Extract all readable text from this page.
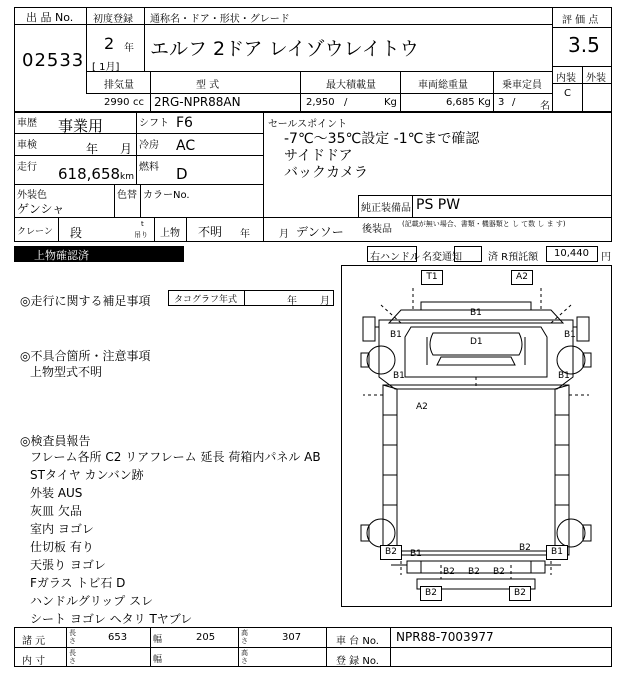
出 品 No.
02533
初度登録
2 年
[ 1月]
通称名・ドア・形状・グレード
エルフ 2ドア レイゾウレイトウ
評 価 点
3.5
内装 外装
C
排気量	型 式	最大積載量	車両総重量	乗車定員
2990 cc 2RG-NPR88AN	2,950 /	Kg	6,685 Kg 3 / 名
車歴 事業用	シフト F6
車検	年 月 冷房 AC
走行 618,658 km
燃料 D
外装色
ゲンシャ
色替 カラーNo.
セールスポイント
-7℃～35℃設定 -1℃まで確認
サイドドア
バックカメラ
純正装備品 PS PW
後装品 (記載が無い場合、書類・機器類と し て数 し ま す)
クレーン 段
t
吊り 上物 不明 年	月 デンソー
上物確認済	右ハンドル 名変通知	済 R預託額 10,440 円
◎走行に関する補足事項	タコグラフ年式	年 月
◎不具合箇所・注意事項
上物型式不明
◎検査員報告
フレーム各所 C2 リアフレーム 延長 荷箱内パネル AB
STタイヤ カンバン跡
外装 AUS
灰皿 欠品
室内 ヨゴレ
仕切板 有り
天張り ヨゴレ
Fガラス トビ石 D
ハンドルグリップ スレ
シート ヨゴレ ヘタリ Tヤブレ
T1	A2
B1
B1
D1
B1
B1	B1
A2
B2	B1
B2	B1
B2 B2 B2
B2	B2
諸 元
長さ	653	幅	205	高さ	307	車 台 No. NPR88-7003977
内 寸
長さ	幅
高さ	登 録 No.
